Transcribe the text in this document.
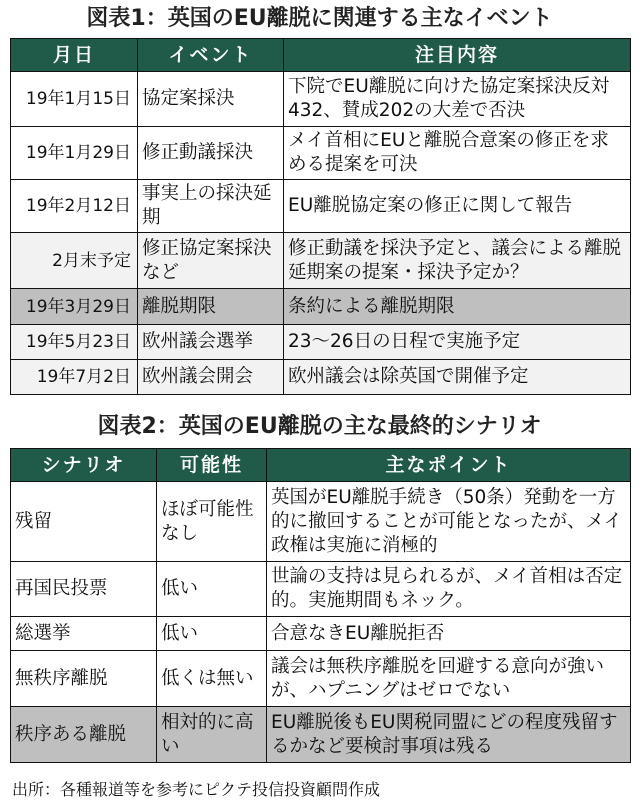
図表1：英国のEU離脱に関連する主なイベント
月日	イベント	注目内容
19年1月15日	協定案採決	下院でEU離脱に向けた協定案採決反対432、賛成202の大差で否決
19年1月29日	修正動議採決	メイ首相にEUと離脱合意案の修正を求める提案を可決
19年2月12日	事実上の採決延期	EU離脱協定案の修正に関して報告
2月末予定	修正協定案採決など	修正動議を採決予定と、議会による離脱延期案の提案・採決予定か？
19年3月29日	離脱期限	条約による離脱期限
19年5月23日	欧州議会選挙	23～26日の日程で実施予定
19年7月2日	欧州議会開会	欧州議会は除英国で開催予定
図表2：英国のEU離脱の主な最終的シナリオ
シナリオ	可能性	主なポイント
残留	ほぼ可能性なし	英国がEU離脱手続き（50条）発動を一方的に撤回することが可能となったが、メイ政権は実施に消極的
再国民投票	低い	世論の支持は見られるが、メイ首相は否定的。実施期間もネック。
総選挙	低い	合意なきEU離脱拒否
無秩序離脱	低くは無い	議会は無秩序離脱を回避する意向が強いが、ハプニングはゼロでない
秩序ある離脱	相対的に高い	EU離脱後もEU関税同盟にどの程度残留するかなど要検討事項は残る
出所：各種報道等を参考にピクテ投信投資顧問作成
